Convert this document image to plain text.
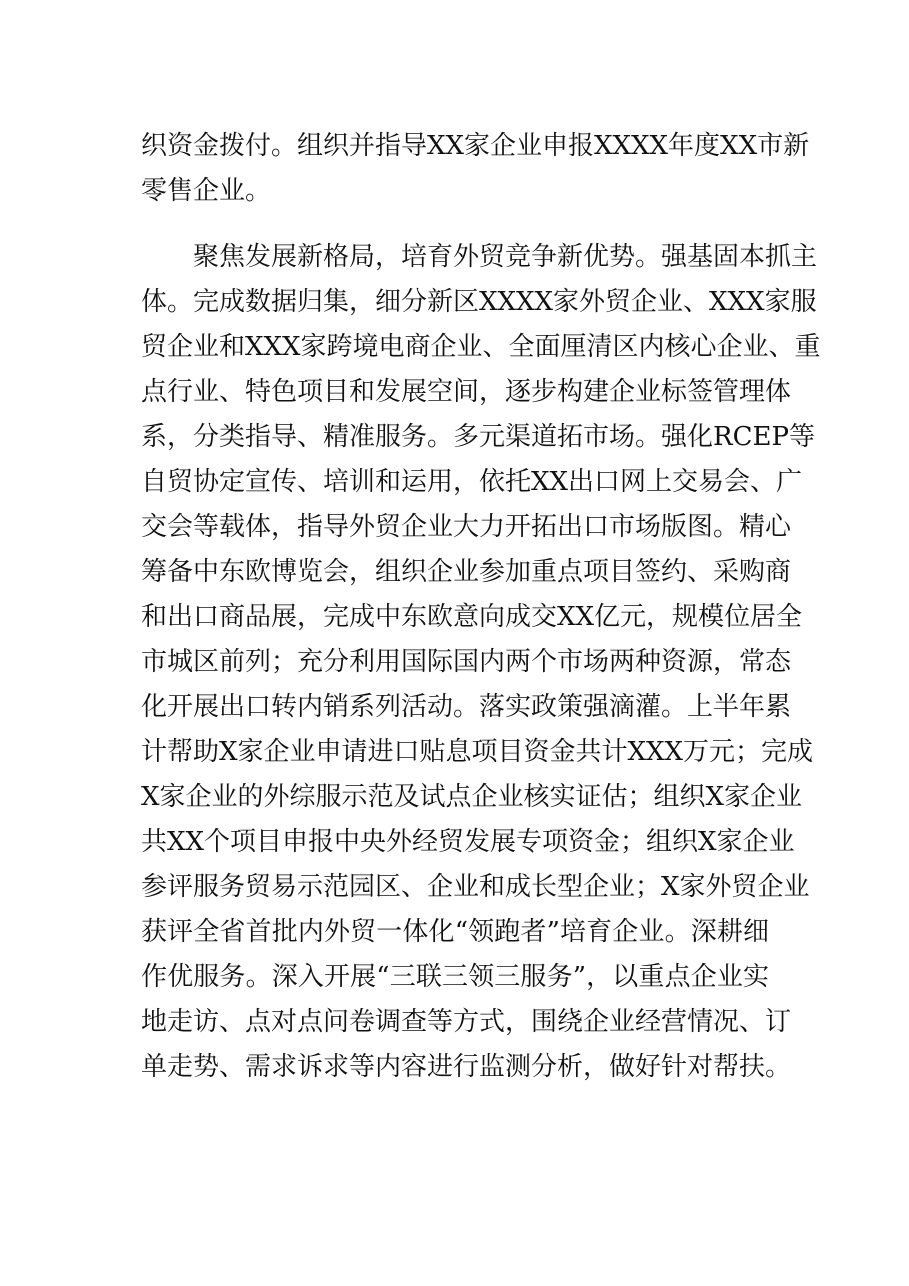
织资金拨付。组织并指导XX家企业申报XXXX年度XX市新
零售企业。
聚焦发展新格局，培育外贸竞争新优势。强基固本抓主
体。完成数据归集，细分新区XXXX家外贸企业、XXX家服
贸企业和XXX家跨境电商企业、全面厘清区内核心企业、重
点行业、特色项目和发展空间，逐步构建企业标签管理体
系，分类指导、精准服务。多元渠道拓市场。强化RCEP等
自贸协定宣传、培训和运用，依托XX出口网上交易会、广
交会等载体，指导外贸企业大力开拓出口市场版图。精心
筹备中东欧博览会，组织企业参加重点项目签约、采购商
和出口商品展，完成中东欧意向成交XX亿元，规模位居全
市城区前列；充分利用国际国内两个市场两种资源，常态
化开展出口转内销系列活动。落实政策强滴灌。上半年累
计帮助X家企业申请进口贴息项目资金共计XXX万元；完成
X家企业的外综服示范及试点企业核实证估；组织X家企业
共XX个项目申报中央外经贸发展专项资金；组织X家企业
参评服务贸易示范园区、企业和成长型企业；X家外贸企业
获评全省首批内外贸一体化“领跑者”培育企业。深耕细
作优服务。深入开展“三联三领三服务”，以重点企业实
地走访、点对点问卷调查等方式，围绕企业经营情况、订
单走势、需求诉求等内容进行监测分析，做好针对帮扶。
